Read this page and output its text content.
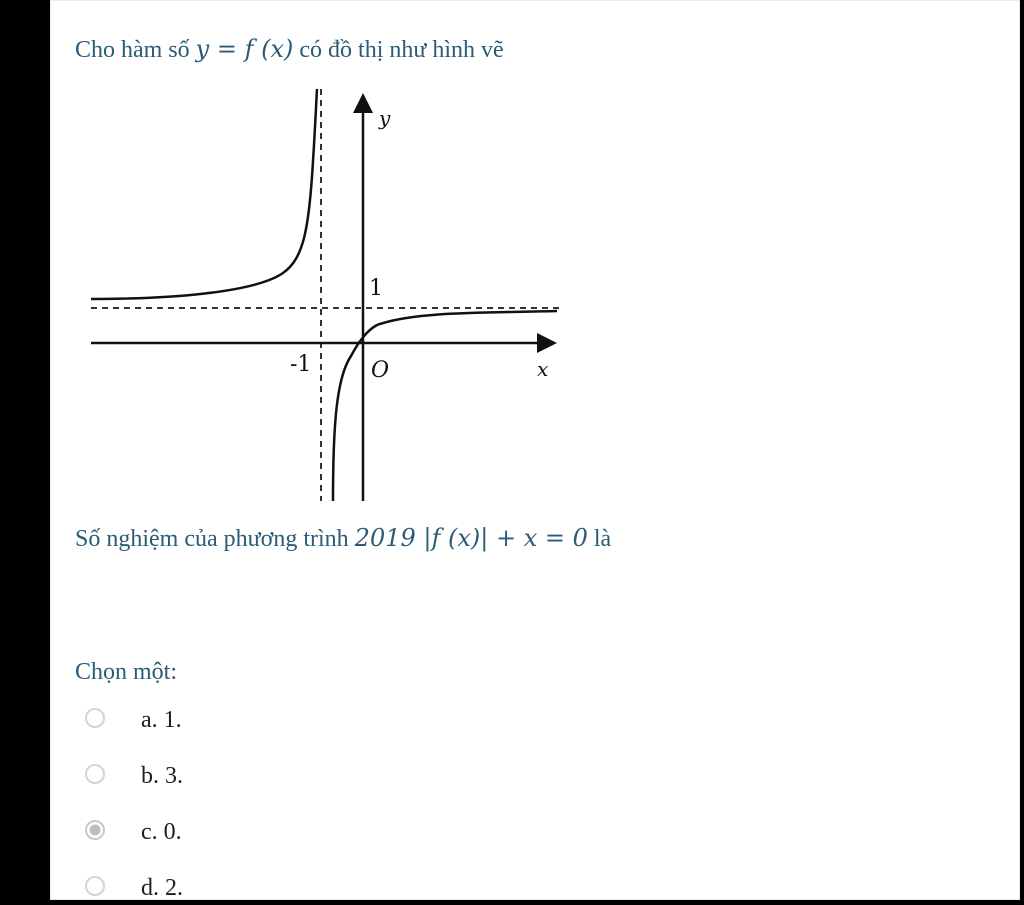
Cho hàm số y = f (x) có đồ thị như hình vẽ
y
x
O
1
-1
Số nghiệm của phương trình 2019 |f (x)| + x = 0 là
Chọn một:
a. 1.
b. 3.
c. 0.
d. 2.
